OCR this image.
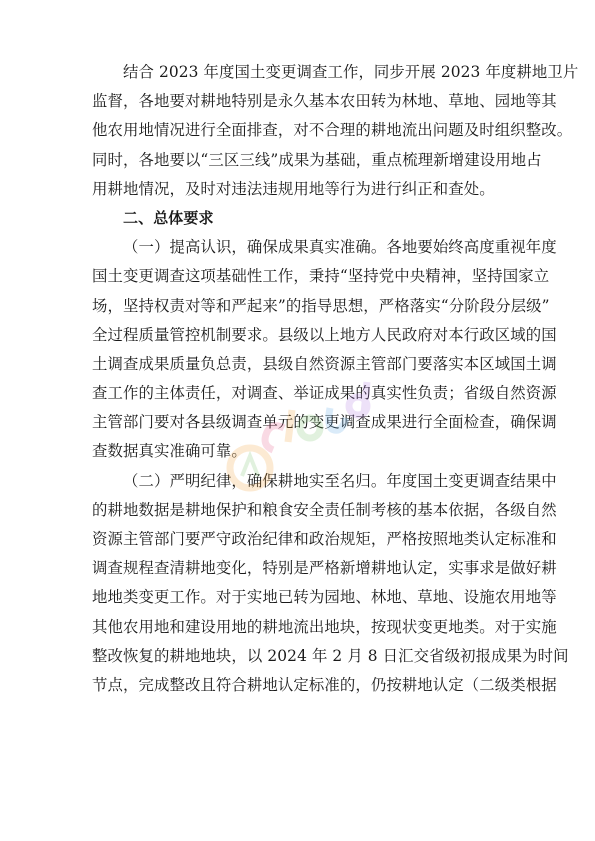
结合 2023 年度国土变更调查工作，同步开展 2023 年度耕地卫片
监督，各地要对耕地特别是永久基本农田转为林地、草地、园地等其
他农用地情况进行全面排查，对不合理的耕地流出问题及时组织整改。
同时，各地要以“三区三线”成果为基础，重点梳理新增建设用地占
用耕地情况，及时对违法违规用地等行为进行纠正和查处。
二、总体要求
（一）提高认识，确保成果真实准确。各地要始终高度重视年度
国土变更调查这项基础性工作，秉持“坚持党中央精神，坚持国家立
场，坚持权责对等和严起来”的指导思想，严格落实“分阶段分层级”
全过程质量管控机制要求。县级以上地方人民政府对本行政区域的国
土调查成果质量负总责，县级自然资源主管部门要落实本区域国土调
查工作的主体责任，对调查、举证成果的真实性负责；省级自然资源
主管部门要对各县级调查单元的变更调查成果进行全面检查，确保调
查数据真实准确可靠。
（二）严明纪律，确保耕地实至名归。年度国土变更调查结果中
的耕地数据是耕地保护和粮食安全责任制考核的基本依据，各级自然
资源主管部门要严守政治纪律和政治规矩，严格按照地类认定标准和
调查规程查清耕地变化，特别是严格新增耕地认定，实事求是做好耕
地地类变更工作。对于实地已转为园地、林地、草地、设施农用地等
其他农用地和建设用地的耕地流出地块，按现状变更地类。对于实施
整改恢复的耕地地块，以 2024 年 2 月 8 日汇交省级初报成果为时间
节点，完成整改且符合耕地认定标准的，仍按耕地认定（二级类根据
